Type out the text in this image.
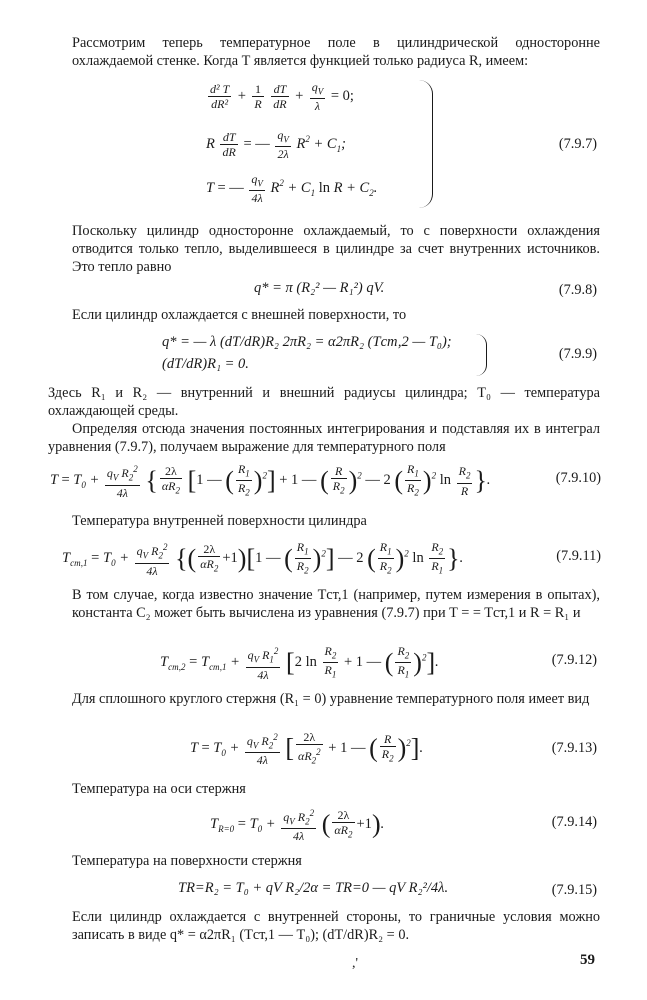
Рассмотрим теперь температурное поле в цилиндрической односторонне охлаждаемой стенке. Когда T является функцией только радиуса R, имеем:
$\frac{\text{d² T}}{\text{dR²}} + \frac{1}{R}$
$\frac{dT}{dR} + \frac{q_V}{\lambda} = 0$;
R $\frac{dT}{dR}$ = — $\frac{q_V}{2\lambda} R^2 + C_1$;
T = — $\frac{q_V}{4\lambda} R^2 + C_1$ $\ln R + C_2$.
(7.9.7)
Поскольку цилиндр односторонне охлаждаемый, то с поверхности охлаждения отводится только тепло, выделившееся в цилиндре за счет внутренних источников. Это тепло равно
q* = π (R₂² — R₁²) qV.	(7.9.8)
Если цилиндр охлаждается с внешней поверхности, то
q* = — λ (dT/dR)R₂ 2πR₂ = α2πR₂ (Tст,2 — T₀);
(dT/dR)R₁ = 0.
(7.9.9)
Здесь R₁ и R₂ — внутренний и внешний радиусы цилиндра; T₀ — температура охлаждающей среды.
Определяя отсюда значения постоянных интегрирования и подставляя их в интеграл уравнения (7.9.7), получаем выражение для температурного поля
$T = T_0 + \frac{q_V R_2^2}{4\lambda}$ { $\frac{2\lambda}{\alpha R_2} [1$ — ( $\frac{R_1}{R_2} )^2] + 1$ — ( $\frac{R}{R_2} )^2$ — 2 ( $\frac{R_1}{R_2} )^2$ $\ln \frac{R_2}{R}$ }.	(7.9.10)
Температура внутренней поверхности цилиндра
$T_{ст,1} = T_0 + \frac{q_V R_2^2}{4\lambda}$ {( $\frac{2\lambda}{\alpha R_2} +1)[1$ — ( $\frac{R_1}{R_2} )^2$] — 2 ( $\frac{R_1}{R_2} )^2$ $\ln \frac{R_2}{R_1}$ }.	(7.9.11)
В том случае, когда известно значение Tст,1 (например, путем измерения в опытах), константа C₂ может быть вычислена из уравнения (7.9.7) при T = = Tст,1 и R = R₁ и
$T_{ст,2} = T_{ст,1} + \frac{q_V R_1^2}{4\lambda} [2$ $\ln \frac{R_2}{R_1} + 1$ — ( $\frac{R_2}{R_1} )^2$].	(7.9.12)
Для сплошного круглого стержня (R₁ = 0) уравнение температурного поля имеет вид
$T = T_0 + \frac{q_V R_2^2}{4\lambda}$ [ $\frac{2\lambda}{\alpha R_2^2} + 1$ — ( $\frac{R}{R_2} )^2$].	(7.9.13)
Температура на оси стержня
$T_{R=0} = T_0 + \frac{q_V R_2^2}{4\lambda}$ ( $\frac{2\lambda}{\alpha R_2} +1$).	(7.9.14)
Температура на поверхности стержня
TR=R₂ = T₀ + qV R₂/2α = TR=0 — qV R₂²/4λ.	(7.9.15)
Если цилиндр охлаждается с внутренней стороны, то граничные условия можно записать в виде q* = α2πR₁ (Tст,1 — T₀); (dT/dR)R₂ = 0.
,'	59
